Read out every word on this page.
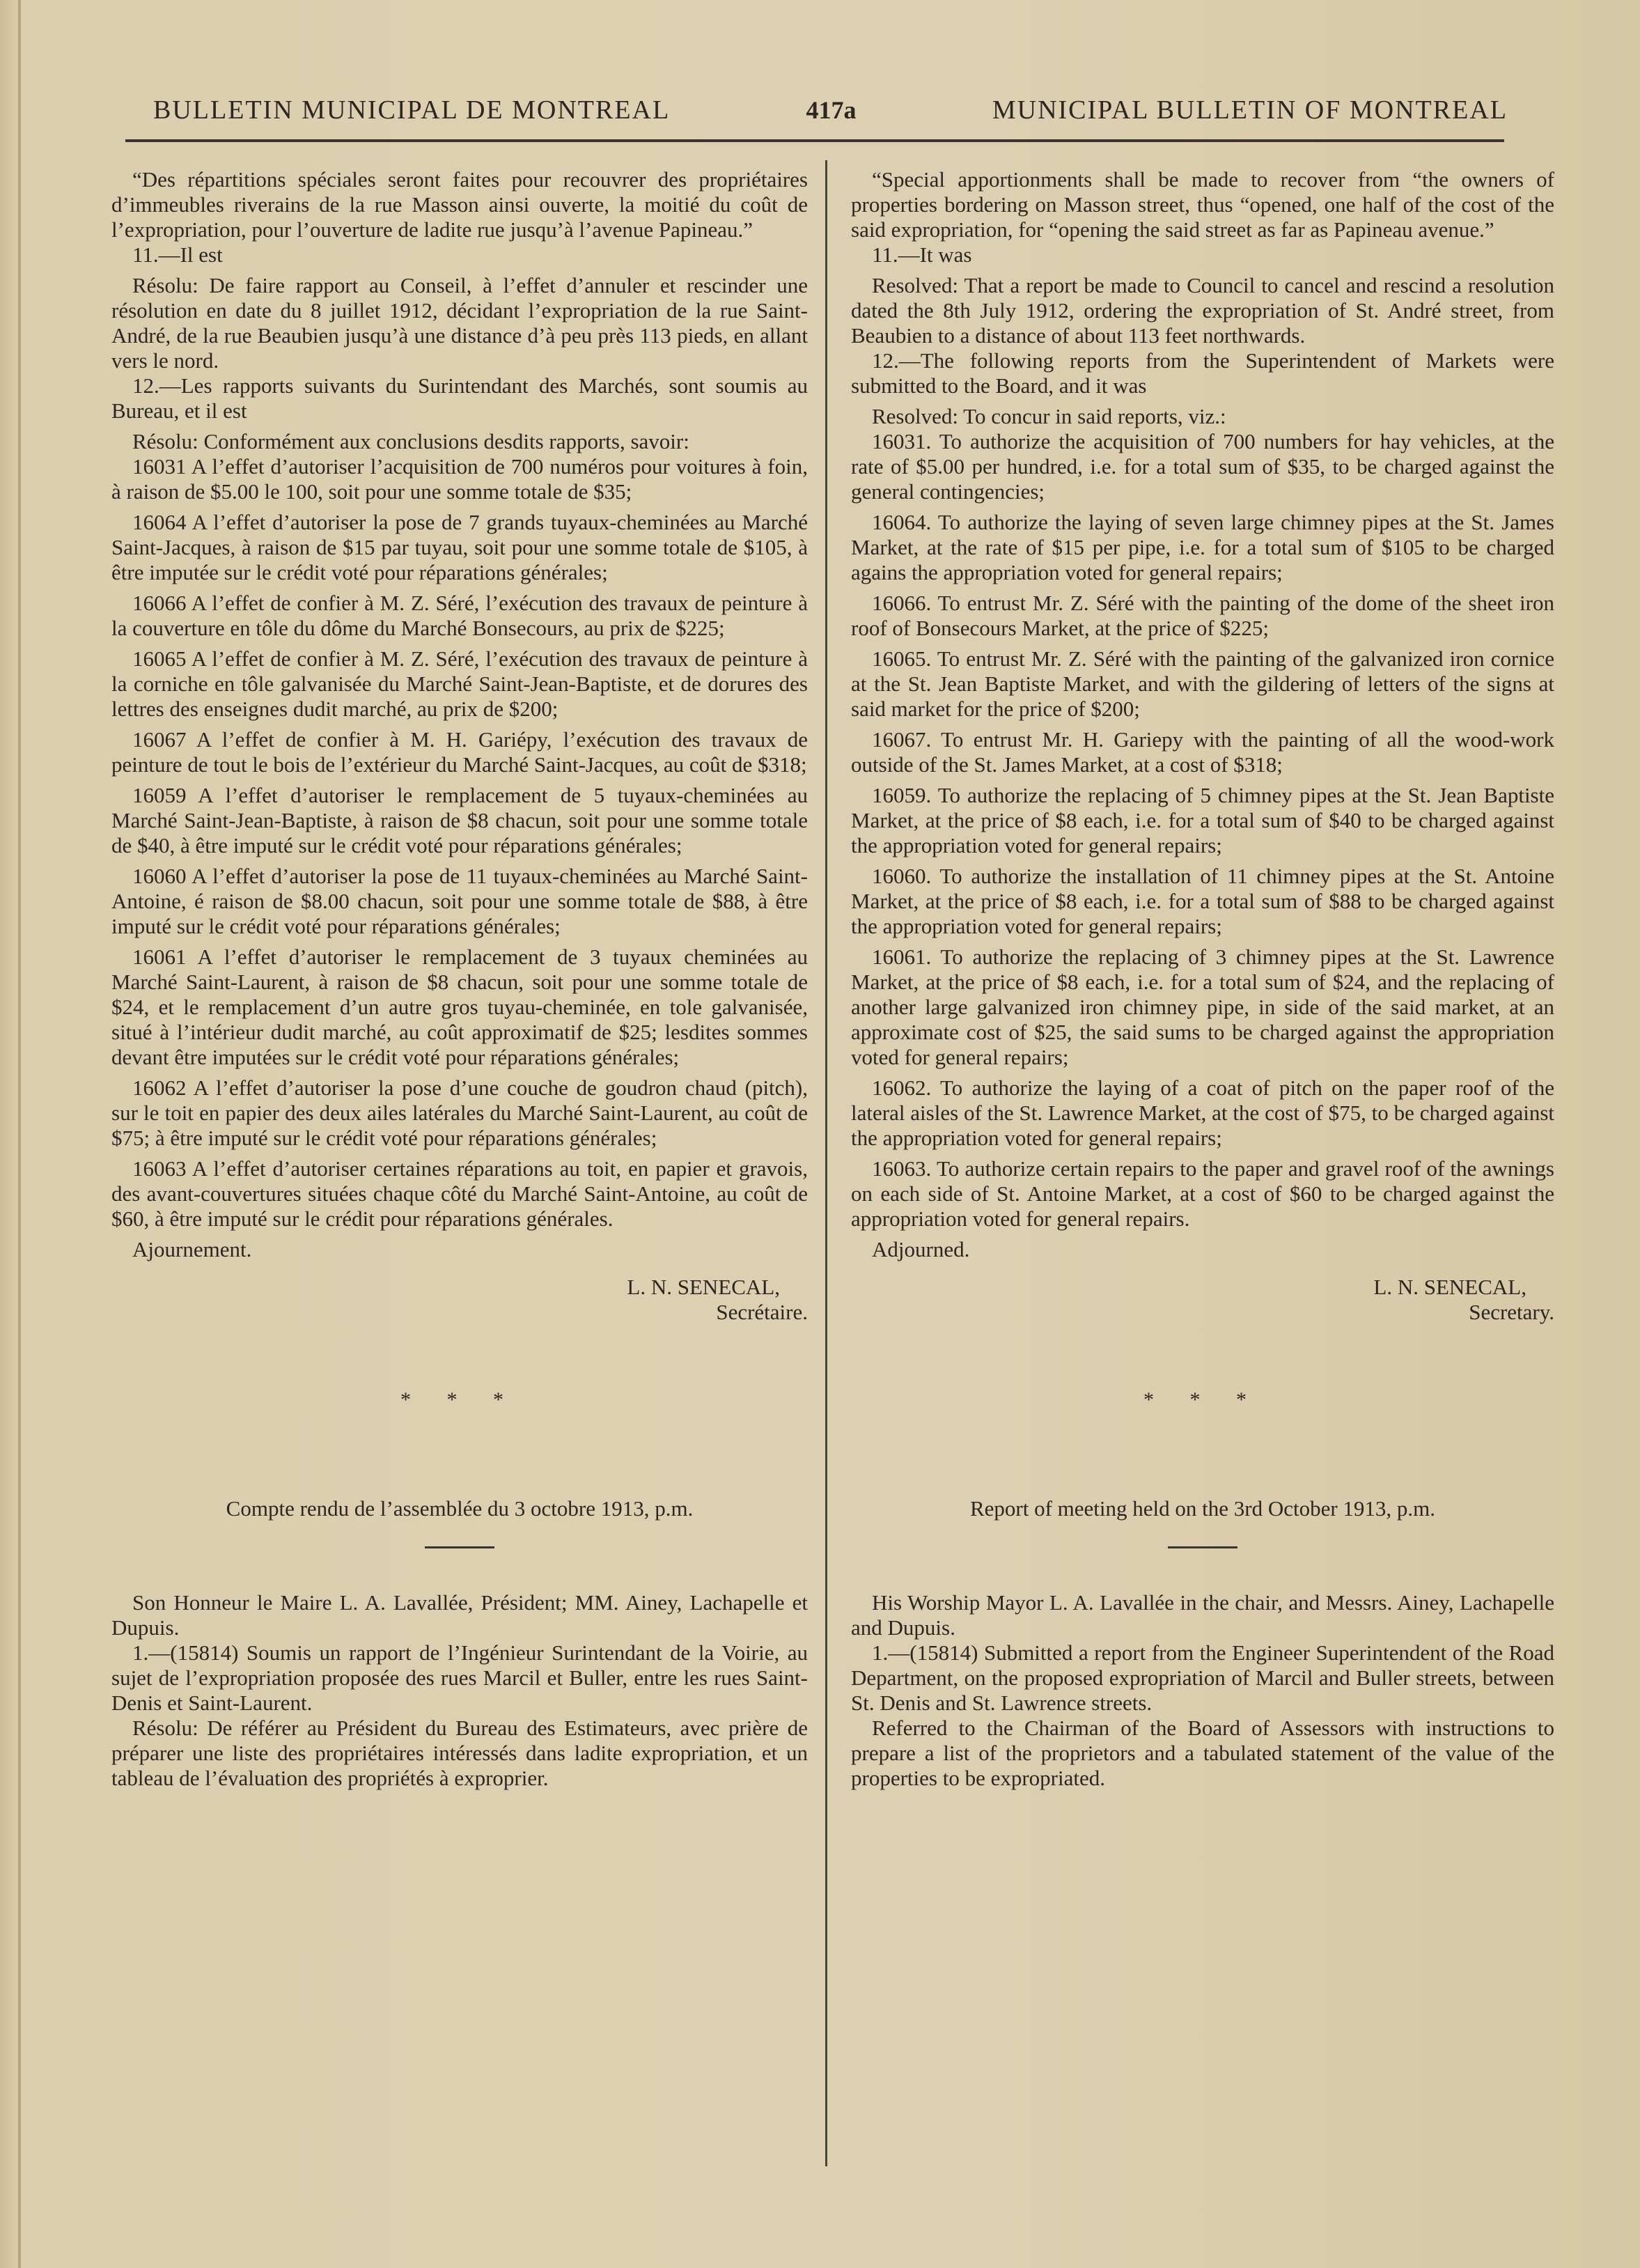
BULLETIN MUNICIPAL DE MONTREAL	417a	MUNICIPAL BULLETIN OF MONTREAL

“Des répartitions spéciales seront faites pour recouvrer des propriétaires d’immeubles riverains de la rue Masson ainsi ouverte, la moitié du coût de l’expropriation, pour l’ouverture de ladite rue jusqu’à l’avenue Papineau.”

11.—Il est

Résolu: De faire rapport au Conseil, à l’effet d’annuler et rescinder une résolution en date du 8 juillet 1912, décidant l’expropriation de la rue Saint-André, de la rue Beaubien jusqu’à une distance d’à peu près 113 pieds, en allant vers le nord.

12.—Les rapports suivants du Surintendant des Marchés, sont soumis au Bureau, et il est

Résolu: Conformément aux conclusions desdits rapports, savoir:

16031 A l’effet d’autoriser l’acquisition de 700 numéros pour voitures à foin, à raison de $5.00 le 100, soit pour une somme totale de $35;

16064 A l’effet d’autoriser la pose de 7 grands tuyaux-cheminées au Marché Saint-Jacques, à raison de $15 par tuyau, soit pour une somme totale de $105, à être imputée sur le crédit voté pour réparations générales;

16066 A l’effet de confier à M. Z. Séré, l’exécution des travaux de peinture à la couverture en tôle du dôme du Marché Bonsecours, au prix de $225;

16065 A l’effet de confier à M. Z. Séré, l’exécution des travaux de peinture à la corniche en tôle galvanisée du Marché Saint-Jean-Baptiste, et de dorures des lettres des enseignes dudit marché, au prix de $200;

16067 A l’effet de confier à M. H. Gariépy, l’exécution des travaux de peinture de tout le bois de l’extérieur du Marché Saint-Jacques, au coût de $318;

16059 A l’effet d’autoriser le remplacement de 5 tuyaux-cheminées au Marché Saint-Jean-Baptiste, à raison de $8 chacun, soit pour une somme totale de $40, à être imputé sur le crédit voté pour réparations générales;

16060 A l’effet d’autoriser la pose de 11 tuyaux-cheminées au Marché Saint-Antoine, é raison de $8.00 chacun, soit pour une somme totale de $88, à être imputé sur le crédit voté pour réparations générales;

16061 A l’effet d’autoriser le remplacement de 3 tuyaux cheminées au Marché Saint-Laurent, à raison de $8 chacun, soit pour une somme totale de $24, et le remplacement d’un autre gros tuyau-cheminée, en tole galvanisée, situé à l’intérieur dudit marché, au coût approximatif de $25; lesdites sommes devant être imputées sur le crédit voté pour réparations générales;

16062 A l’effet d’autoriser la pose d’une couche de goudron chaud (pitch), sur le toit en papier des deux ailes latérales du Marché Saint-Laurent, au coût de $75; à être imputé sur le crédit voté pour réparations générales;

16063 A l’effet d’autoriser certaines réparations au toit, en papier et gravois, des avant-couvertures situées chaque côté du Marché Saint-Antoine, au coût de $60, à être imputé sur le crédit pour réparations générales.

Ajournement.

L. N. SENECAL,
Secrétaire.
* * *

Compte rendu de l’assemblée du 3 octobre 1913, p.m.

Son Honneur le Maire L. A. Lavallée, Président; MM. Ainey, Lachapelle et Dupuis.

1.—(15814) Soumis un rapport de l’Ingénieur Surintendant de la Voirie, au sujet de l’expropriation proposée des rues Marcil et Buller, entre les rues Saint-Denis et Saint-Laurent.

Résolu: De référer au Président du Bureau des Estimateurs, avec prière de préparer une liste des propriétaires intéressés dans ladite expropriation, et un tableau de l’évaluation des propriétés à exproprier.

“Special apportionments shall be made to recover from “the owners of properties bordering on Masson street, thus “opened, one half of the cost of the said expropriation, for “opening the said street as far as Papineau avenue.”

11.—It was

Resolved: That a report be made to Council to cancel and rescind a resolution dated the 8th July 1912, ordering the expropriation of St. André street, from Beaubien to a distance of about 113 feet northwards.

12.—The following reports from the Superintendent of Markets were submitted to the Board, and it was

Resolved: To concur in said reports, viz.:

16031. To authorize the acquisition of 700 numbers for hay vehicles, at the rate of $5.00 per hundred, i.e. for a total sum of $35, to be charged against the general contingencies;

16064. To authorize the laying of seven large chimney pipes at the St. James Market, at the rate of $15 per pipe, i.e. for a total sum of $105 to be charged agains the appropriation voted for general repairs;

16066. To entrust Mr. Z. Séré with the painting of the dome of the sheet iron roof of Bonsecours Market, at the price of $225;

16065. To entrust Mr. Z. Séré with the painting of the galvanized iron cornice at the St. Jean Baptiste Market, and with the gildering of letters of the signs at said market for the price of $200;

16067. To entrust Mr. H. Gariepy with the painting of all the wood-work outside of the St. James Market, at a cost of $318;

16059. To authorize the replacing of 5 chimney pipes at the St. Jean Baptiste Market, at the price of $8 each, i.e. for a total sum of $40 to be charged against the appropriation voted for general repairs;

16060. To authorize the installation of 11 chimney pipes at the St. Antoine Market, at the price of $8 each, i.e. for a total sum of $88 to be charged against the appropriation voted for general repairs;

16061. To authorize the replacing of 3 chimney pipes at the St. Lawrence Market, at the price of $8 each, i.e. for a total sum of $24, and the replacing of another large galvanized iron chimney pipe, in side of the said market, at an approximate cost of $25, the said sums to be charged against the appropriation voted for general repairs;

16062. To authorize the laying of a coat of pitch on the paper roof of the lateral aisles of the St. Lawrence Market, at the cost of $75, to be charged against the appropriation voted for general repairs;

16063. To authorize certain repairs to the paper and gravel roof of the awnings on each side of St. Antoine Market, at a cost of $60 to be charged against the appropriation voted for general repairs.

Adjourned.

L. N. SENECAL,
Secretary.
* * *

Report of meeting held on the 3rd October 1913, p.m.

His Worship Mayor L. A. Lavallée in the chair, and Messrs. Ainey, Lachapelle and Dupuis.

1.—(15814) Submitted a report from the Engineer Superintendent of the Road Department, on the proposed expropriation of Marcil and Buller streets, between St. Denis and St. Lawrence streets.

Referred to the Chairman of the Board of Assessors with instructions to prepare a list of the proprietors and a tabulated statement of the value of the properties to be expropriated.
